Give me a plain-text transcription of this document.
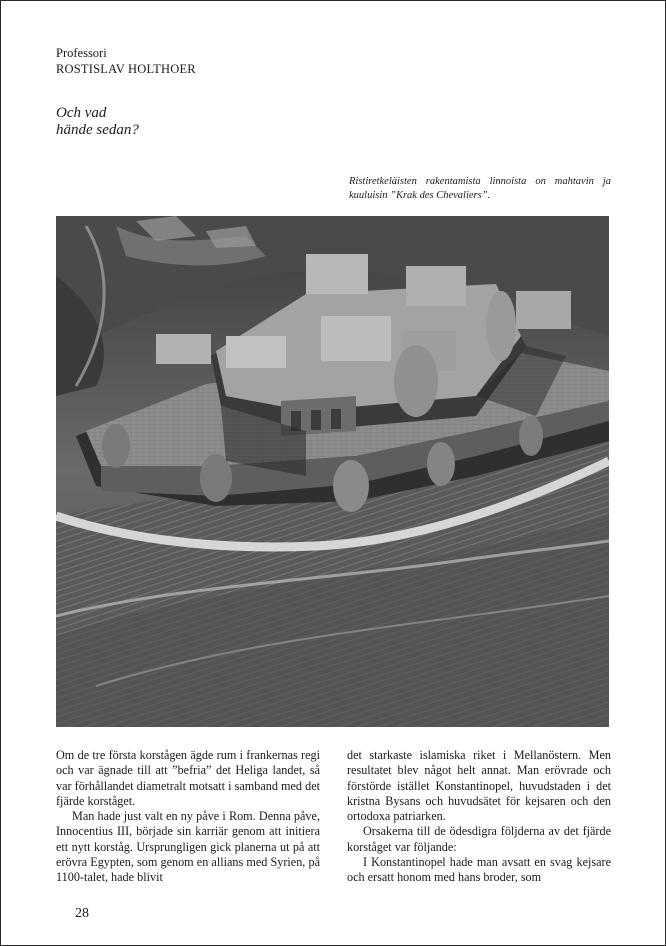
Professori
ROSTISLAV HOLTHOER
Och vad
hände sedan?
Ristiretkeläisten rakentamista linnoista on mahtavin ja kuuluisin ”Krak des Chevaliers”.

Om de tre första korstågen ägde rum i frankernas regi och var ägnade till att ”befria” det Heliga landet, så var förhållandet diametralt motsatt i samband med det fjärde korståget.

Man hade just valt en ny påve i Rom. Denna påve, Innocentius III, började sin karriär genom att initiera ett nytt korståg. Ursprungligen gick planerna ut på att erövra Egypten, som genom en allians med Syrien, på 1100-talet, hade blivit

det starkaste islamiska riket i Mellanöstern. Men resultatet blev något helt annat. Man erövrade och förstörde istället Konstantinopel, huvudstaden i det kristna Bysans och huvudsätet för kejsaren och den ortodoxa patriarken.

Orsakerna till de ödesdigra följderna av det fjärde korståget var följande:

I Konstantinopel hade man avsatt en svag kejsare och ersatt honom med hans broder, som

28
